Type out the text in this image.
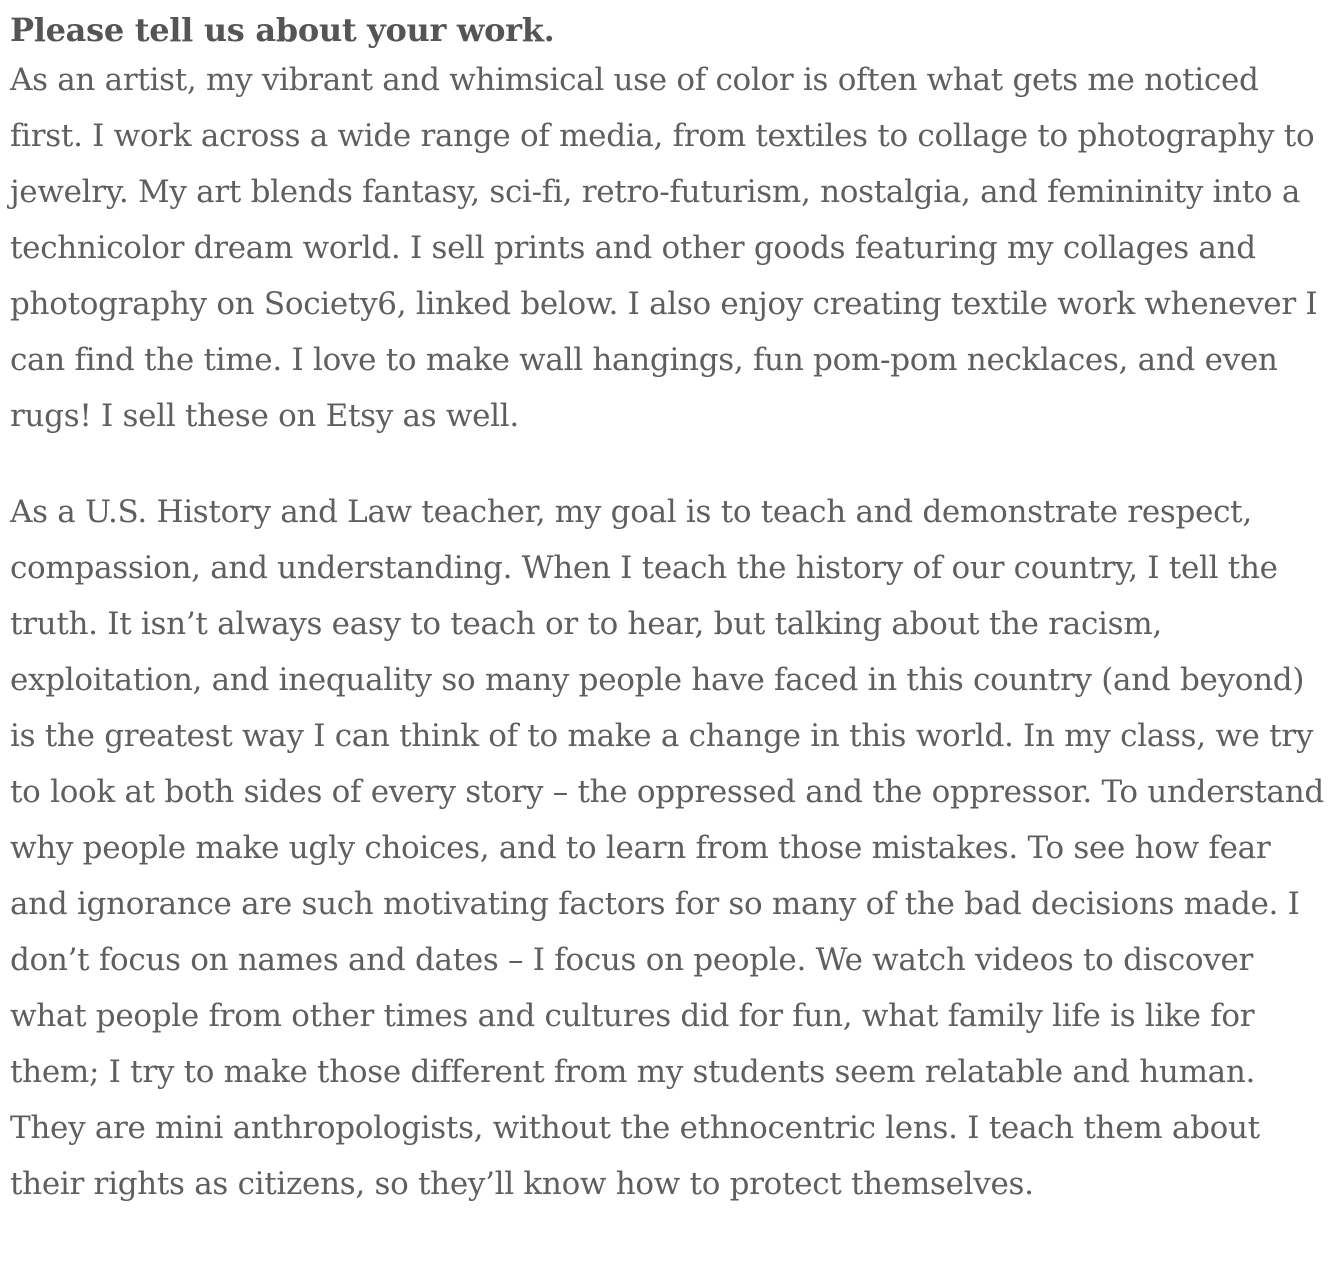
Please tell us about your work.

As an artist, my vibrant and whimsical use of color is often what gets me noticed first. I work across a wide range of media, from textiles to collage to photography to jewelry. My art blends fantasy, sci-fi, retro-futurism, nostalgia, and femininity into a technicolor dream world. I sell prints and other goods featuring my collages and photography on Society6, linked below. I also enjoy creating textile work whenever I can find the time. I love to make wall hangings, fun pom-pom necklaces, and even rugs! I sell these on Etsy as well.

As a U.S. History and Law teacher, my goal is to teach and demonstrate respect, compassion, and understanding. When I teach the history of our country, I tell the truth. It isn’t always easy to teach or to hear, but talking about the racism, exploitation, and inequality so many people have faced in this country (and beyond) is the greatest way I can think of to make a change in this world. In my class, we try to look at both sides of every story – the oppressed and the oppressor. To understand why people make ugly choices, and to learn from those mistakes. To see how fear and ignorance are such motivating factors for so many of the bad decisions made. I don’t focus on names and dates – I focus on people. We watch videos to discover what people from other times and cultures did for fun, what family life is like for them; I try to make those different from my students seem relatable and human. They are mini anthropologists, without the ethnocentric lens. I teach them about their rights as citizens, so they’ll know how to protect themselves.
